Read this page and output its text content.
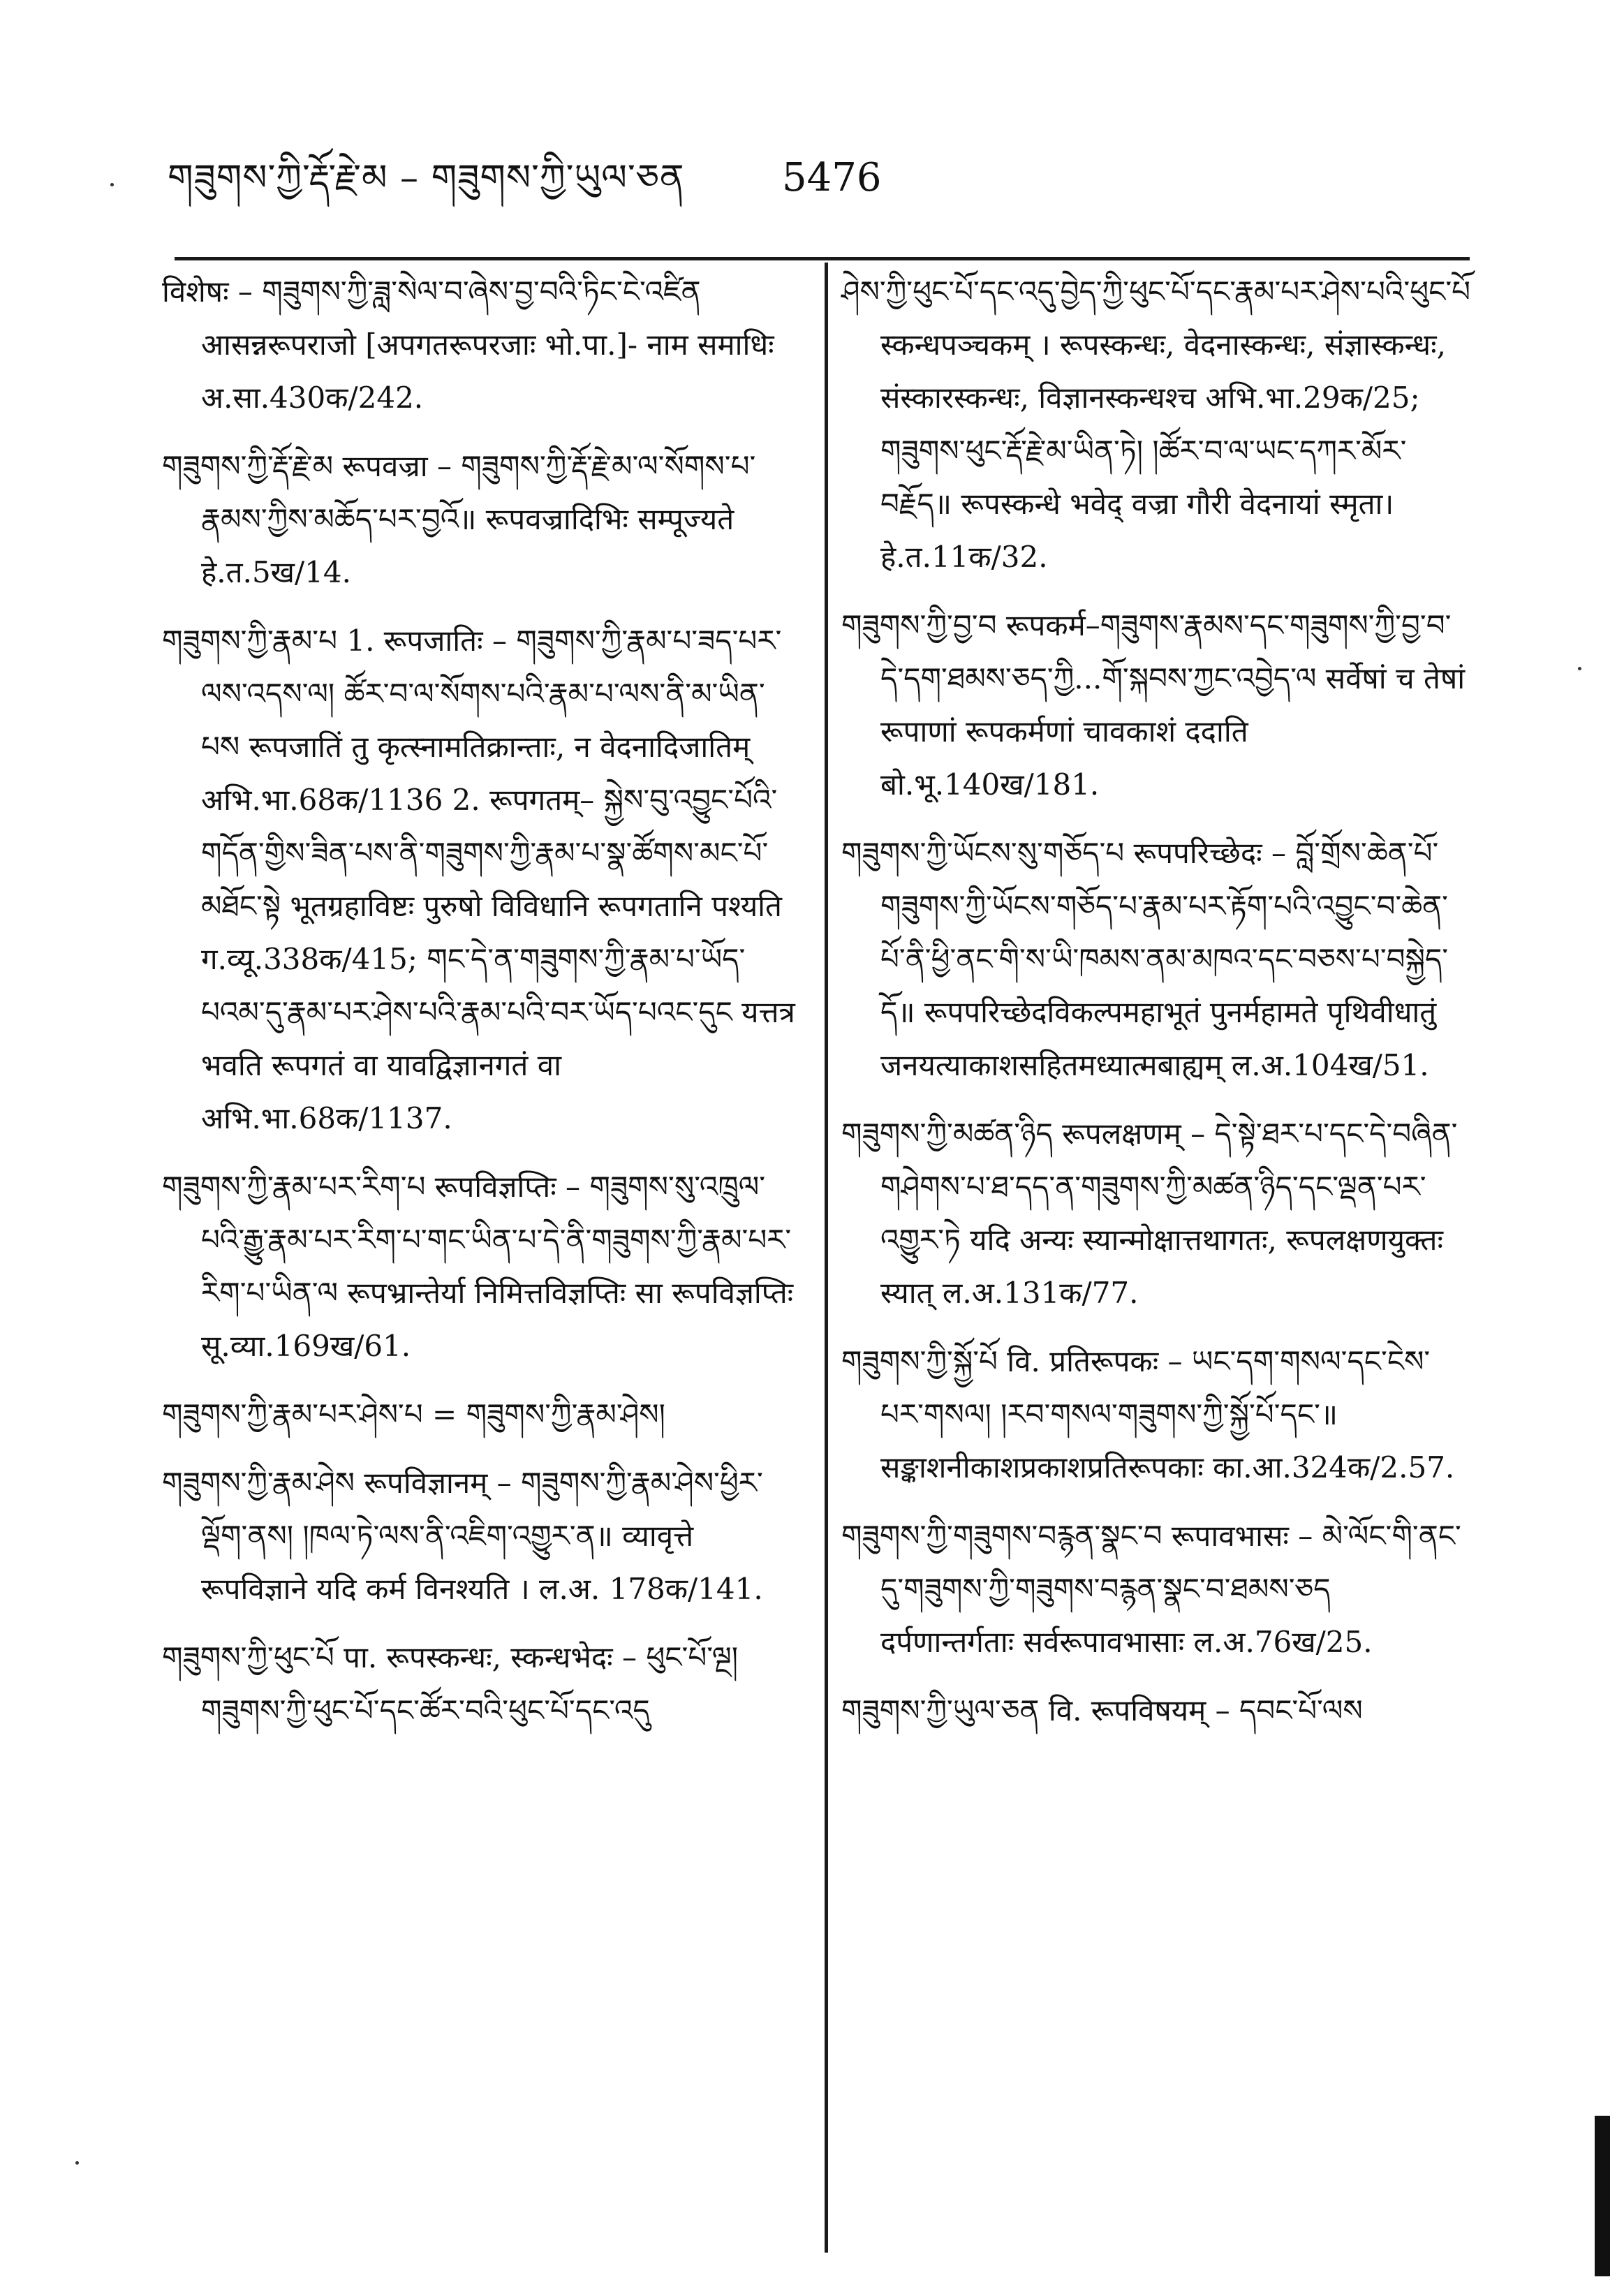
གཟུགས་ཀྱི་རྡོ་རྗེ་མ – གཟུགས་ཀྱི་ཡུལ་ཅན 5476

विशेषः – གཟུགས་ཀྱི་ཟླ་སེལ་བ་ཞེས་བྱ་བའི་ཏིང་ངེ་འཛིན आसन्नरूपराजो [अपगतरूपरजाः भो.पा.]- नाम समाधिः अ.सा.430क/242.

གཟུགས་ཀྱི་རྡོ་རྗེ་མ रूपवज्रा – གཟུགས་ཀྱི་རྡོ་རྗེ་མ་ལ་སོགས་པ་རྣམས་ཀྱིས་མཆོད་པར་བྱའོ॥ रूपवज्रादिभिः सम्पूज्यते हे.त.5ख/14.

གཟུགས་ཀྱི་རྣམ་པ 1. रूपजातिः – གཟུགས་ཀྱི་རྣམ་པ་ཟད་པར་ལས་འདས་ལ། ཚོར་བ་ལ་སོགས་པའི་རྣམ་པ་ལས་ནི་མ་ཡིན་པས रूपजातिं तु कृत्स्नामतिक्रान्ताः, न वेदनादिजातिम् अभि.भा.68क/1136 2. रूपगतम्– སྐྱེས་བུ་འབྱུང་པོའི་གདོན་གྱིས་ཟིན་པས་ནི་གཟུགས་ཀྱི་རྣམ་པ་སྣ་ཚོགས་མང་པོ་མཐོང་སྟེ भूतग्रहाविष्टः पुरुषो विविधानि रूपगतानि पश्यति ग.व्यू.338क/415; གང་དེ་ན་གཟུགས་ཀྱི་རྣམ་པ་ཡོད་པའམ་དུ་རྣམ་པར་ཤེས་པའི་རྣམ་པའི་བར་ཡོད་པའང་དུང यत्तत्र भवति रूपगतं वा यावद्विज्ञानगतं वा अभि.भा.68क/1137.

གཟུགས་ཀྱི་རྣམ་པར་རིག་པ रूपविज्ञप्तिः – གཟུགས་སུ་འཁྲུལ་པའི་རྒྱུ་རྣམ་པར་རིག་པ་གང་ཡིན་པ་དེ་ནི་གཟུགས་ཀྱི་རྣམ་པར་རིག་པ་ཡིན་ལ रूपभ्रान्तेर्या निमित्तविज्ञप्तिः सा रूपविज्ञप्तिः सू.व्या.169ख/61.

གཟུགས་ཀྱི་རྣམ་པར་ཤེས་པ = གཟུགས་ཀྱི་རྣམ་ཤེས།

གཟུགས་ཀྱི་རྣམ་ཤེས रूपविज्ञानम् – གཟུགས་ཀྱི་རྣམ་ཤེས་ཕྱིར་ལྡོག་ནས། །ཁལ་ཏེ་ལས་ནི་འཇིག་འགྱུར་ན॥ व्यावृत्ते रूपविज्ञाने यदि कर्म विनश्यति । ल.अ. 178क/141.

གཟུགས་ཀྱི་ཕུང་པོ पा. रूपस्कन्धः, स्कन्धभेदः – ཕུང་པོ་ལྔ། གཟུགས་ཀྱི་ཕུང་པོ་དང་ཚོར་བའི་ཕུང་པོ་དང་འདུ

ཤེས་ཀྱི་ཕུང་པོ་དང་འདུ་བྱེད་ཀྱི་ཕུང་པོ་དང་རྣམ་པར་ཤེས་པའི་ཕུང་པོ स्कन्धपञ्चकम् । रूपस्कन्धः, वेदनास्कन्धः, संज्ञास्कन्धः, संस्कारस्कन्धः, विज्ञानस्कन्धश्च अभि.भा.29क/25; གཟུགས་ཕུང་རྡོ་རྗེ་མ་ཡིན་ཏེ། །ཚོར་བ་ལ་ཡང་དཀར་མོར་བརྗོད॥ रूपस्कन्धे भवेद् वज्रा गौरी वेदनायां स्मृता। हे.त.11क/32.

གཟུགས་ཀྱི་བྱ་བ रूपकर्म–གཟུགས་རྣམས་དང་གཟུགས་ཀྱི་བྱ་བ་དེ་དག་ཐམས་ཅད་ཀྱི...གོ་སྐབས་ཀྱང་འབྱེད་ལ सर्वेषां च तेषां रूपाणां रूपकर्मणां चावकाशं ददाति बो.भू.140ख/181.

གཟུགས་ཀྱི་ཡོངས་སུ་གཅོད་པ रूपपरिच्छेदः – བློ་གྲོས་ཆེན་པོ་གཟུགས་ཀྱི་ཡོངས་གཅོད་པ་རྣམ་པར་རྟོག་པའི་འབྱུང་བ་ཆེན་པོ་ནི་ཕྱི་ནང་གི་ས་ཡི་ཁམས་ནམ་མཁའ་དང་བཅས་པ་བསྐྱེད་དོ॥ रूपपरिच्छेदविकल्पमहाभूतं पुनर्महामते पृथिवीधातुं जनयत्याकाशसहितमध्यात्मबाह्यम् ल.अ.104ख/51.

གཟུགས་ཀྱི་མཚན་ཉིད रूपलक्षणम् – དེ་སྟེ་ཐར་པ་དང་དེ་བཞིན་གཤེགས་པ་ཐ་དད་ན་གཟུགས་ཀྱི་མཚན་ཉིད་དང་ལྡན་པར་འགྱུར་ཏེ यदि अन्यः स्यान्मोक्षात्तथागतः, रूपलक्षणयुक्तः स्यात् ल.अ.131क/77.

གཟུགས་ཀྱི་སྐྱོ་པོ वि. प्रतिरूपकः – ཡང་དག་གསལ་དང་ངེས་པར་གསལ། །རབ་གསལ་གཟུགས་ཀྱི་སྐྱོ་པོ་དང་॥ सङ्काशनीकाशप्रकाशप्रतिरूपकाः का.आ.324क/2.57.

གཟུགས་ཀྱི་གཟུགས་བརྙན་སྣང་བ रूपावभासः – མེ་ལོང་གི་ནང་དུ་གཟུགས་ཀྱི་གཟུགས་བརྙན་སྣང་བ་ཐམས་ཅད दर्पणान्तर्गताः सर्वरूपावभासाः ल.अ.76ख/25.

གཟུགས་ཀྱི་ཡུལ་ཅན वि. रूपविषयम् – དབང་པོ་ལས
